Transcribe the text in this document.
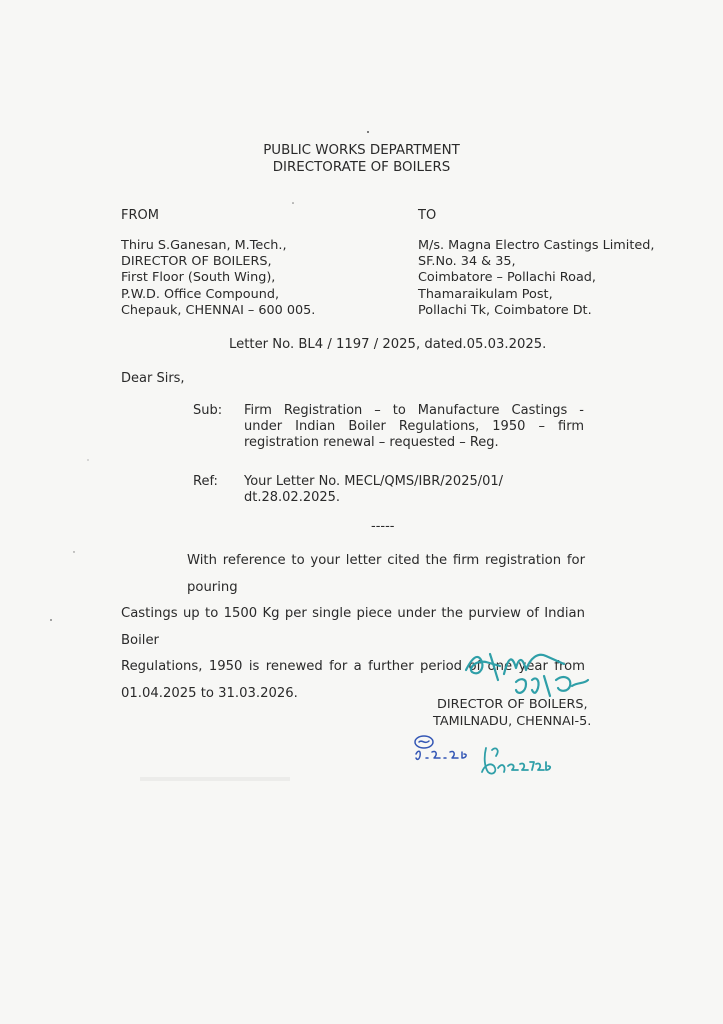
PUBLIC WORKS DEPARTMENT
DIRECTORATE OF BOILERS
FROM	TO
Thiru S.Ganesan, M.Tech.,
DIRECTOR OF BOILERS,
First Floor (South Wing),
P.W.D. Office Compound,
Chepauk, CHENNAI – 600 005.
M/s. Magna Electro Castings Limited,
SF.No. 34 & 35,
Coimbatore – Pollachi Road,
Thamaraikulam Post,
Pollachi Tk, Coimbatore Dt.
Letter No. BL4 / 1197 / 2025, dated.05.03.2025.
Dear Sirs,
Sub: Firm Registration – to Manufacture Castings -
under Indian Boiler Regulations, 1950 – firm
registration renewal – requested – Reg.
Ref: Your Letter No. MECL/QMS/IBR/2025/01/
dt.28.02.2025.
-----
With reference to your letter cited the firm registration for pouring
Castings up to 1500 Kg per single piece under the purview of Indian Boiler
Regulations, 1950 is renewed for a further period of one year from
01.04.2025 to 31.03.2026.
DIRECTOR OF BOILERS,
TAMILNADU, CHENNAI-5.
